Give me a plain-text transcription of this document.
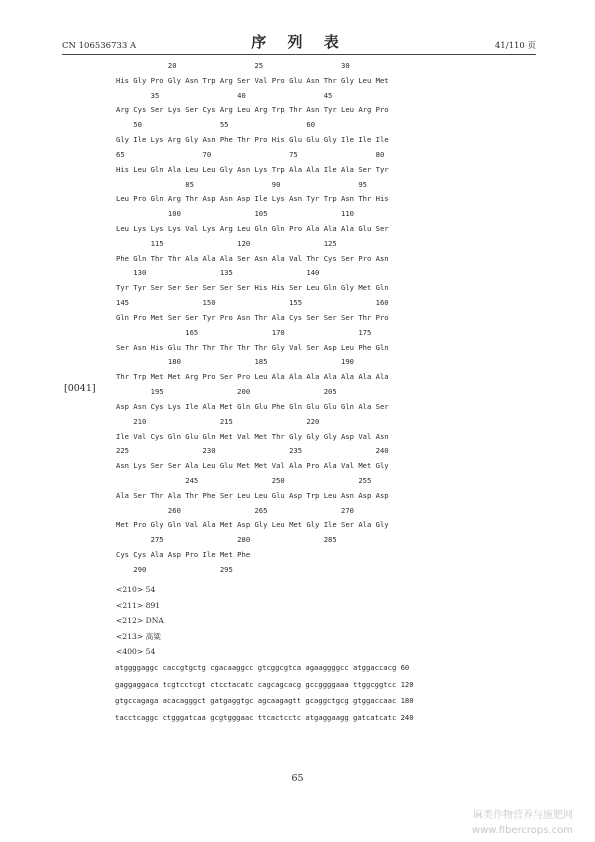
CN 106536733 A	序 列 表	41/110 页
[0041]
20                  25                  30
His Gly Pro Gly Asn Trp Arg Ser Val Pro Glu Asn Thr Gly Leu Met
35                  40                  45
Arg Cys Ser Lys Ser Cys Arg Leu Arg Trp Thr Asn Tyr Leu Arg Pro
50                  55                  60
Gly Ile Lys Arg Gly Asn Phe Thr Pro His Glu Glu Gly Ile Ile Ile
65                  70                  75                  80
His Leu Gln Ala Leu Leu Gly Asn Lys Trp Ala Ala Ile Ala Ser Tyr
85                  90                  95
Leu Pro Gln Arg Thr Asp Asn Asp Ile Lys Asn Tyr Trp Asn Thr His
100                 105                 110
Leu Lys Lys Lys Val Lys Arg Leu Gln Gln Pro Ala Ala Ala Glu Ser
115                 120                 125
Phe Gln Thr Thr Ala Ala Ala Ser Asn Ala Val Thr Cys Ser Pro Asn
130                 135                 140
Tyr Tyr Ser Ser Ser Ser Ser Ser His His Ser Leu Gln Gly Met Gln
145                 150                 155                 160
Gln Pro Met Ser Ser Tyr Pro Asn Thr Ala Cys Ser Ser Ser Thr Pro
165                 170                 175
Ser Asn His Glu Thr Thr Thr Thr Thr Gly Val Ser Asp Leu Phe Gln
180                 185                 190
Thr Trp Met Met Arg Pro Ser Pro Leu Ala Ala Ala Ala Ala Ala Ala
195                 200                 205
Asp Asn Cys Lys Ile Ala Met Gln Glu Phe Gln Glu Glu Gln Ala Ser
210                 215                 220
Ile Val Cys Gln Glu Gln Met Val Met Thr Gly Gly Gly Asp Val Asn
225                 230                 235                 240
Asn Lys Ser Ser Ala Leu Glu Met Met Val Ala Pro Ala Val Met Gly
245                 250                 255
Ala Ser Thr Ala Thr Phe Ser Leu Leu Glu Asp Trp Leu Asn Asp Asp
260                 265                 270
Met Pro Gly Gln Val Ala Met Asp Gly Leu Met Gly Ile Ser Ala Gly
275                 280                 285
Cys Cys Ala Asp Pro Ile Met Phe
290                 295
<210> 54
<211> 891
<212> DNA
<213> 高粱
<400> 54
atggggaggc caccgtgctg cgacaaggcc gtcggcgtca agaaggggcc atggaccacg 60
gaggaggaca tcgtcctcgt ctcctacatc cagcagcacg gccggggaaa ttggcggtcc 120
gtgccagaga acacagggct gatgaggtgc agcaagagtt gcaggctgcg gtggaccaac 180
tacctcaggc ctgggatcaa gcgtgggaac ttcactcctc atgaggaagg gatcatcatc 240
65
麻类作物营养与施肥网
www.fibercrops.com
